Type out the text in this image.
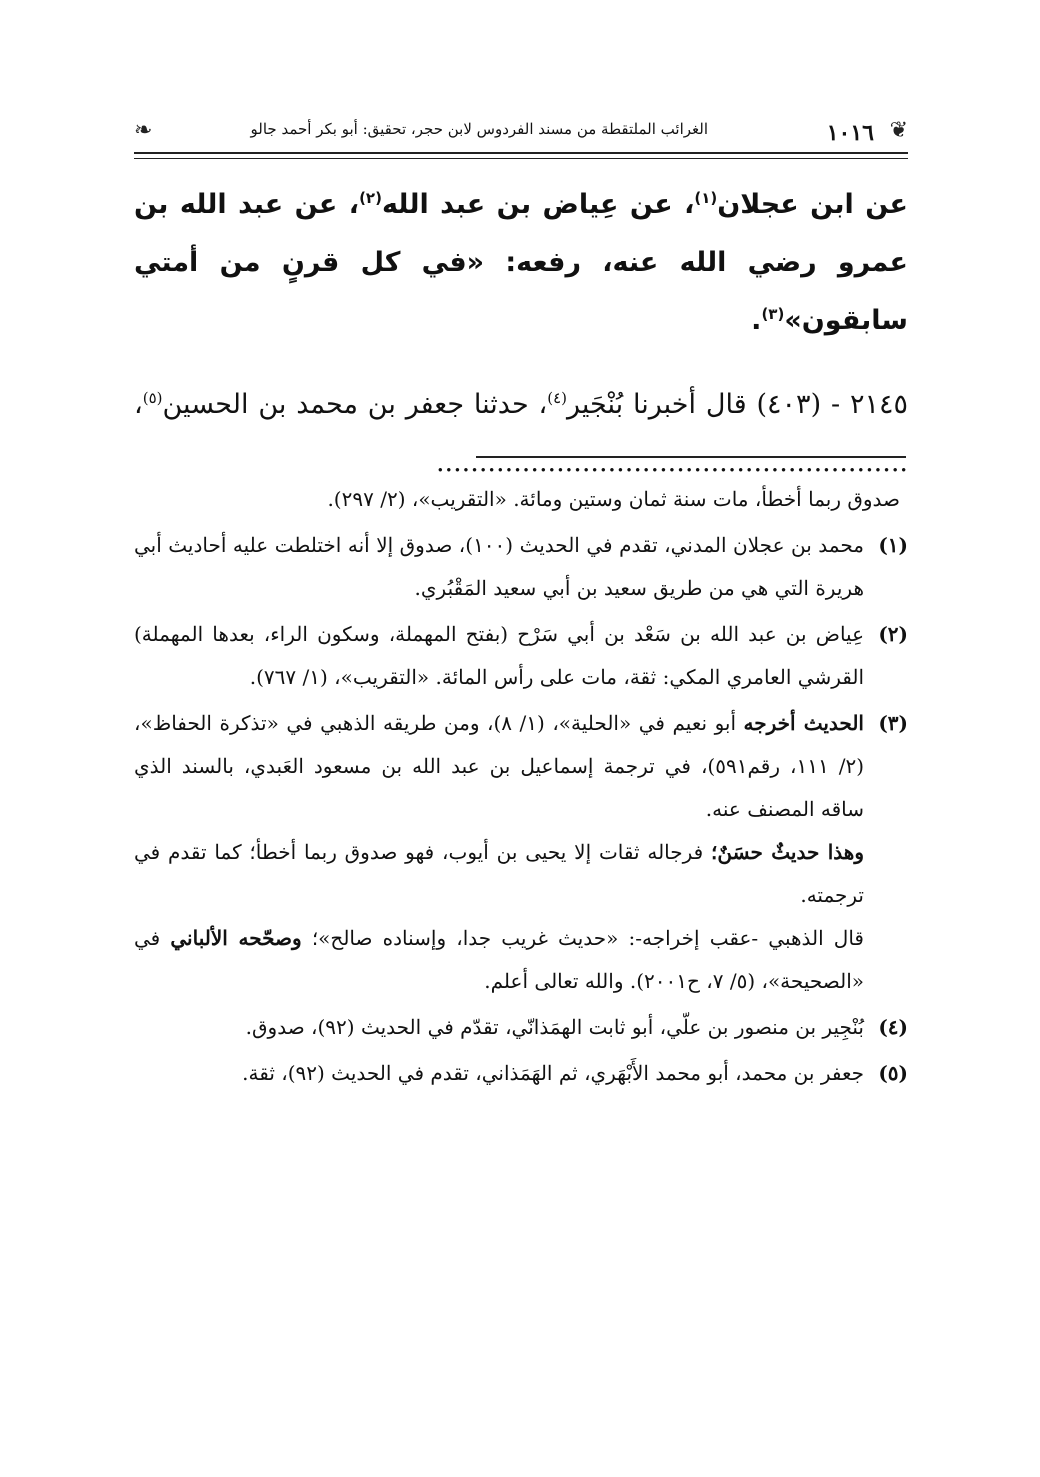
❦
١٠١٦
الغرائب الملتقطة من مسند الفردوس لابن حجر، تحقيق: أبو بكر أحمد جالو
❧

عن ابن عجلان$^{(١)}$، عن عِياض بن عبد الله$^{(٢)}$، عن عبد الله بن عمرو رضي الله عنه، رفعه: «في كل قرنٍ من أمتي سابقون»$^{(٣)}$.

٢١٤٥ - (٤٠٣) قال أخبرنا بُنْجَير$^{(٤)}$، حدثنا جعفر بن محمد بن الحسين$^{(٥)}$، .......................................................

صدوق ربما أخطأ، مات سنة ثمان وستين ومائة. «التقريب»، (٢/ ٢٩٧).

(١)
محمد بن عجلان المدني، تقدم في الحديث (١٠٠)، صدوق إلا أنه اختلطت عليه أحاديث أبي هريرة التي هي من طريق سعيد بن أبي سعيد المَقْبُري.
(٢)
عِياض بن عبد الله بن سَعْد بن أبي سَرْح (بفتح المهملة، وسكون الراء، بعدها المهملة) القرشي العامري المكي: ثقة، مات على رأس المائة. «التقريب»، (١/ ٧٦٧).
(٣)

الحديث أخرجه أبو نعيم في «الحلية»، (١/ ٨)، ومن طريقه الذهبي في «تذكرة الحفاظ»، (٢/ ١١١، رقم٥٩١)، في ترجمة إسماعيل بن عبد الله بن مسعود العَبدي، بالسند الذي ساقه المصنف عنه.

وهذا حديثٌ حسَنٌ؛ فرجاله ثقات إلا يحيى بن أيوب، فهو صدوق ربما أخطأ؛ كما تقدم في ترجمته.

قال الذهبي -عقب إخراجه-: «حديث غريب جدا، وإسناده صالح»؛ وصحّحه الألباني في «الصحيحة»، (٥/ ٧، ح٢٠٠١). والله تعالى أعلم.

(٤)
بُنْجِير بن منصور بن علّي، أبو ثابت الهمَذانّي، تقدّم في الحديث (٩٢)، صدوق.
(٥)
جعفر بن محمد، أبو محمد الأَبْهَري، ثم الهَمَذاني، تقدم في الحديث (٩٢)، ثقة.
